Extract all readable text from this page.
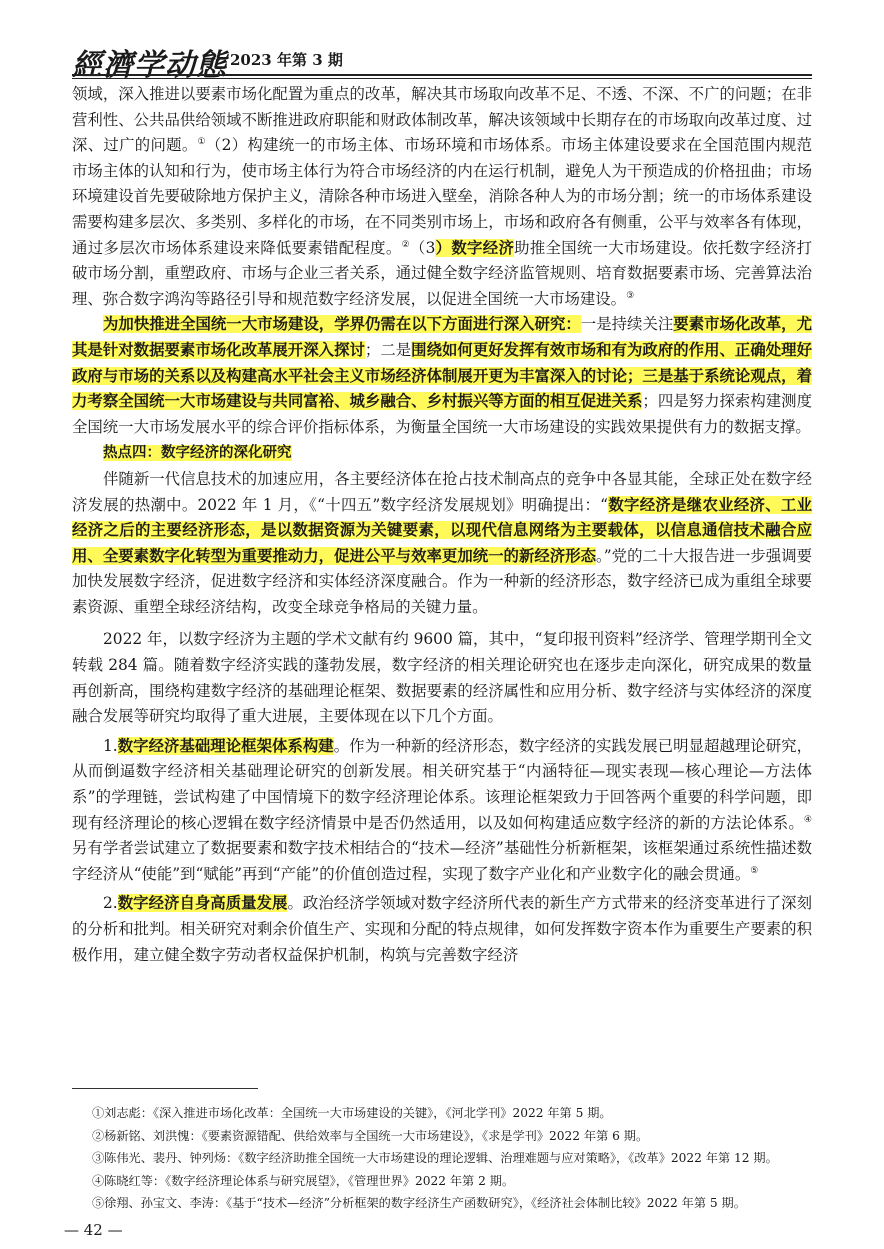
經濟学动態 2023 年第 3 期

领域，深入推进以要素市场化配置为重点的改革，解决其市场取向改革不足、不透、不深、不广的问题；在非营利性、公共品供给领域不断推进政府职能和财政体制改革，解决该领域中长期存在的市场取向改革过度、过深、过广的问题。①（2）构建统一的市场主体、市场环境和市场体系。市场主体建设要求在全国范围内规范市场主体的认知和行为，使市场主体行为符合市场经济的内在运行机制，避免人为干预造成的价格扭曲；市场环境建设首先要破除地方保护主义，清除各种市场进入壁垒，消除各种人为的市场分割；统一的市场体系建设需要构建多层次、多类别、多样化的市场，在不同类别市场上，市场和政府各有侧重，公平与效率各有体现，通过多层次市场体系建设来降低要素错配程度。②（3）数字经济助推全国统一大市场建设。依托数字经济打破市场分割，重塑政府、市场与企业三者关系，通过健全数字经济监管规则、培育数据要素市场、完善算法治理、弥合数字鸿沟等路径引导和规范数字经济发展，以促进全国统一大市场建设。③

为加快推进全国统一大市场建设，学界仍需在以下方面进行深入研究：一是持续关注要素市场化改革，尤其是针对数据要素市场化改革展开深入探讨；二是围绕如何更好发挥有效市场和有为政府的作用、正确处理好政府与市场的关系以及构建高水平社会主义市场经济体制展开更为丰富深入的讨论；三是基于系统论观点，着力考察全国统一大市场建设与共同富裕、城乡融合、乡村振兴等方面的相互促进关系；四是努力探索构建测度全国统一大市场发展水平的综合评价指标体系，为衡量全国统一大市场建设的实践效果提供有力的数据支撑。

热点四：数字经济的深化研究

伴随新一代信息技术的加速应用，各主要经济体在抢占技术制高点的竞争中各显其能，全球正处在数字经济发展的热潮中。2022 年 1 月，《“十四五”数字经济发展规划》明确提出：“数字经济是继农业经济、工业经济之后的主要经济形态，是以数据资源为关键要素，以现代信息网络为主要载体，以信息通信技术融合应用、全要素数字化转型为重要推动力，促进公平与效率更加统一的新经济形态。”党的二十大报告进一步强调要加快发展数字经济，促进数字经济和实体经济深度融合。作为一种新的经济形态，数字经济已成为重组全球要素资源、重塑全球经济结构，改变全球竞争格局的关键力量。

2022 年，以数字经济为主题的学术文献有约 9600 篇，其中，“复印报刊资料”经济学、管理学期刊全文转载 284 篇。随着数字经济实践的蓬勃发展，数字经济的相关理论研究也在逐步走向深化，研究成果的数量再创新高，围绕构建数字经济的基础理论框架、数据要素的经济属性和应用分析、数字经济与实体经济的深度融合发展等研究均取得了重大进展，主要体现在以下几个方面。

1.数字经济基础理论框架体系构建。作为一种新的经济形态，数字经济的实践发展已明显超越理论研究，从而倒逼数字经济相关基础理论研究的创新发展。相关研究基于“内涵特征—现实表现—核心理论—方法体系”的学理链，尝试构建了中国情境下的数字经济理论体系。该理论框架致力于回答两个重要的科学问题，即现有经济理论的核心逻辑在数字经济情景中是否仍然适用，以及如何构建适应数字经济的新的方法论体系。④ 另有学者尝试建立了数据要素和数字技术相结合的“技术—经济”基础性分析新框架，该框架通过系统性描述数字经济从“使能”到“赋能”再到“产能”的价值创造过程，实现了数字产业化和产业数字化的融会贯通。⑤

2.数字经济自身高质量发展。政治经济学领域对数字经济所代表的新生产方式带来的经济变革进行了深刻的分析和批判。相关研究对剩余价值生产、实现和分配的特点规律，如何发挥数字资本作为重要生产要素的积极作用，建立健全数字劳动者权益保护机制，构筑与完善数字经济

①刘志彪：《深入推进市场化改革：全国统一大市场建设的关键》，《河北学刊》2022 年第 5 期。

②杨新铭、刘洪愧：《要素资源错配、供给效率与全国统一大市场建设》，《求是学刊》2022 年第 6 期。

③陈伟光、裴丹、钟列炀：《数字经济助推全国统一大市场建设的理论逻辑、治理难题与应对策略》，《改革》2022 年第 12 期。

④陈晓红等：《数字经济理论体系与研究展望》，《管理世界》2022 年第 2 期。

⑤徐翔、孙宝文、李涛：《基于“技术—经济”分析框架的数字经济生产函数研究》，《经济社会体制比较》2022 年第 5 期。

— 42 —
